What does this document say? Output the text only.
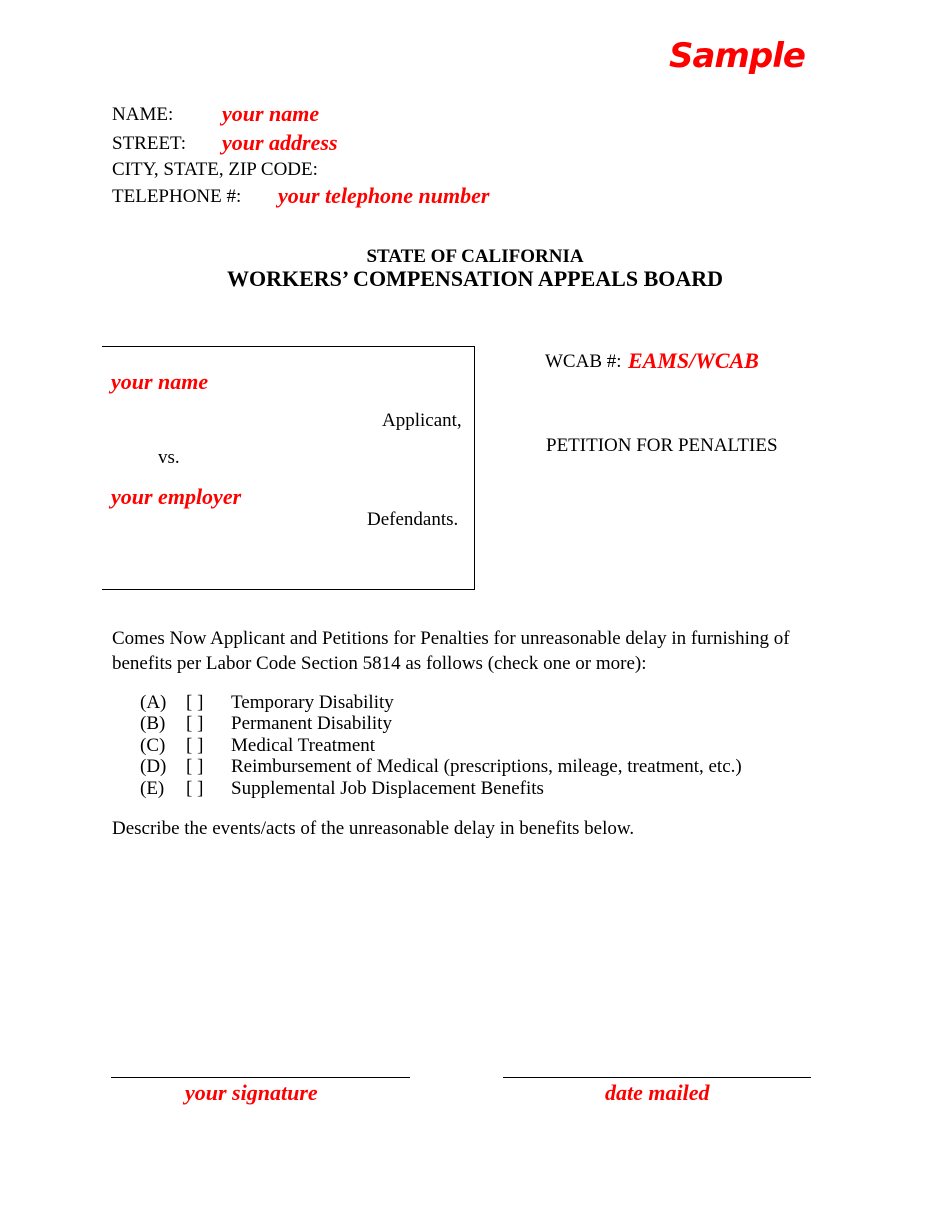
Sample
NAME: your name
STREET: your address
CITY, STATE, ZIP CODE:
TELEPHONE #: your telephone number
STATE OF CALIFORNIA
WORKERS’ COMPENSATION APPEALS BOARD
your name
Applicant,
vs.
your employer
Defendants.
WCAB #: EAMS/WCAB
PETITION FOR PENALTIES
Comes Now Applicant and Petitions for Penalties for unreasonable delay in furnishing of benefits per Labor Code Section 5814 as follows (check one or more):
(A) [ ] Temporary Disability
(B) [ ] Permanent Disability
(C) [ ] Medical Treatment
(D) [ ] Reimbursement of Medical (prescriptions, mileage, treatment, etc.)
(E) [ ] Supplemental Job Displacement Benefits
Describe the events/acts of the unreasonable delay in benefits below.
your signature	date mailed
